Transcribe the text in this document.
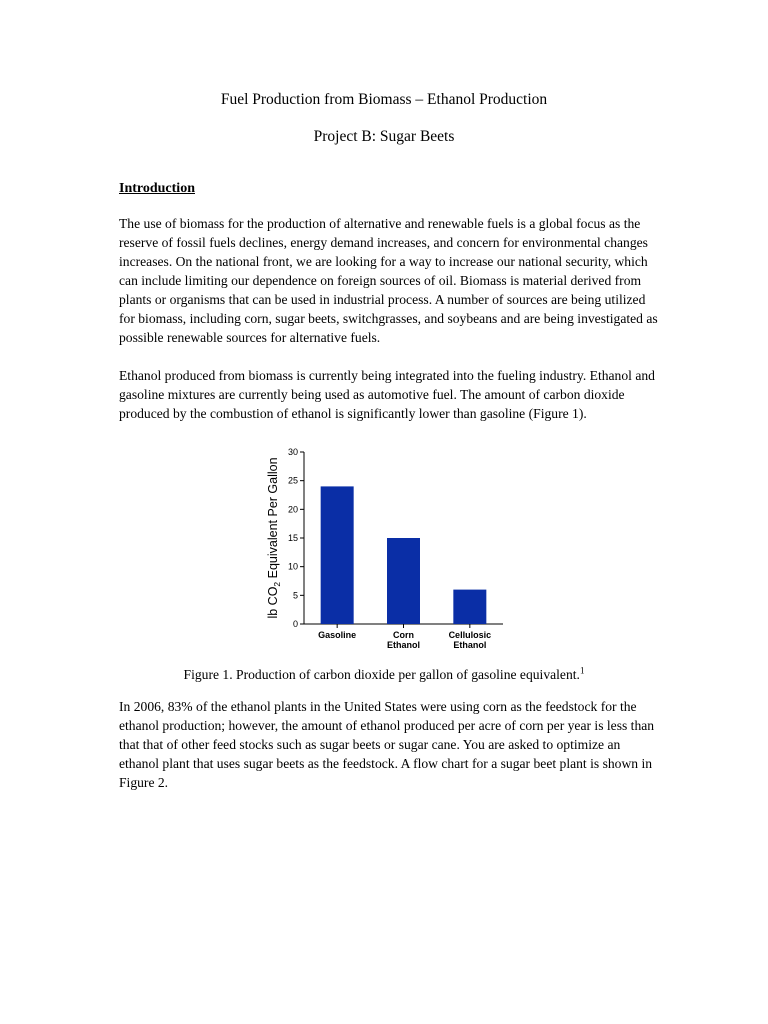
Fuel Production from Biomass – Ethanol Production
Project B: Sugar Beets
Introduction

The use of biomass for the production of alternative and renewable fuels is a global focus as the reserve of fossil fuels declines, energy demand increases, and concern for environmental changes increases. On the national front, we are looking for a way to increase our national security, which can include limiting our dependence on foreign sources of oil. Biomass is material derived from plants or organisms that can be used in industrial process. A number of sources are being utilized for biomass, including corn, sugar beets, switchgrasses, and soybeans and are being investigated as possible renewable sources for alternative fuels.

Ethanol produced from biomass is currently being integrated into the fueling industry. Ethanol and gasoline mixtures are currently being used as automotive fuel. The amount of carbon dioxide produced by the combustion of ethanol is significantly lower than gasoline (Figure 1).

0
5
10
15
20
25
30
Gasoline	Corn Ethanol
Cellulosic Ethanol
lb $CO_2$ Equivalent Per Gallon

Figure 1. Production of carbon dioxide per gallon of gasoline equivalent.$^1$

In 2006, 83% of the ethanol plants in the United States were using corn as the feedstock for the ethanol production; however, the amount of ethanol produced per acre of corn per year is less than that that of other feed stocks such as sugar beets or sugar cane. You are asked to optimize an ethanol plant that uses sugar beets as the feedstock. A flow chart for a sugar beet plant is shown in Figure 2.
